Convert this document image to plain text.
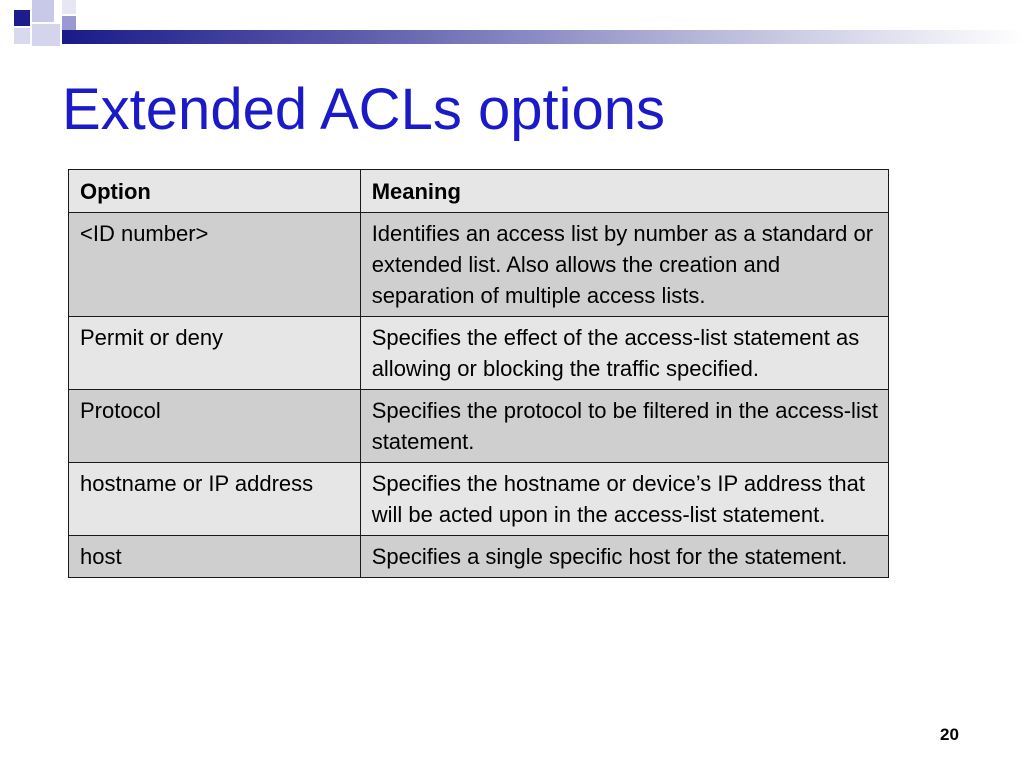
Extended ACLs options
Option	Meaning
<ID number>	Identifies an access list by number as a standard or extended list. Also allows the creation and separation of multiple access lists.
Permit or deny	Specifies the effect of the access-list statement as allowing or blocking the traffic specified.
Protocol	Specifies the protocol to be filtered in the access-list statement.
hostname or IP address	Specifies the hostname or device’s IP address that will be acted upon in the access-list statement.
host	Specifies a single specific host for the statement.
20
